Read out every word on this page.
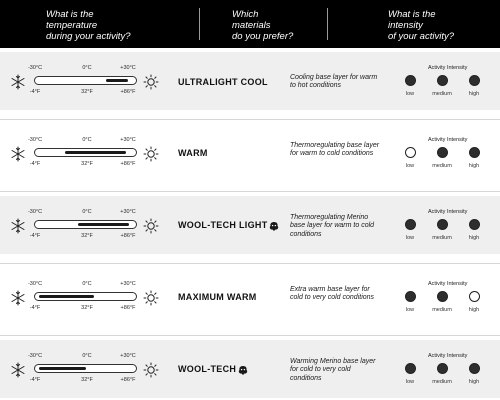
What is the
temperature
during your activity?
Which
materials
do you prefer?
What is the
intensity
of your activity?
-30°C	0°C	+30°C
-4°F	32°F	+86°F
ULTRALIGHT COOL	Cooling base layer for warm to hot conditions
Activity Intensity
low	medium	high
-30°C	0°C	+30°C
-4°F	32°F	+86°F
WARM
Thermoregulating base layer for warm to cold conditions
Activity Intensity
low	medium	high
-30°C	0°C	+30°C
-4°F	32°F	+86°F
WOOL-TECH LIGHT
Thermoregulating Merino base layer for warm to cold conditions
Activity Intensity
low	medium	high
-30°C	0°C	+30°C
-4°F	32°F	+86°F
MAXIMUM WARM
Extra warm base layer for cold to very cold conditions
Activity Intensity
low	medium	high
-30°C	0°C	+30°C
-4°F	32°F	+86°F
WOOL-TECH
Warming Merino base layer for cold to very cold conditions
Activity Intensity
low	medium	high
